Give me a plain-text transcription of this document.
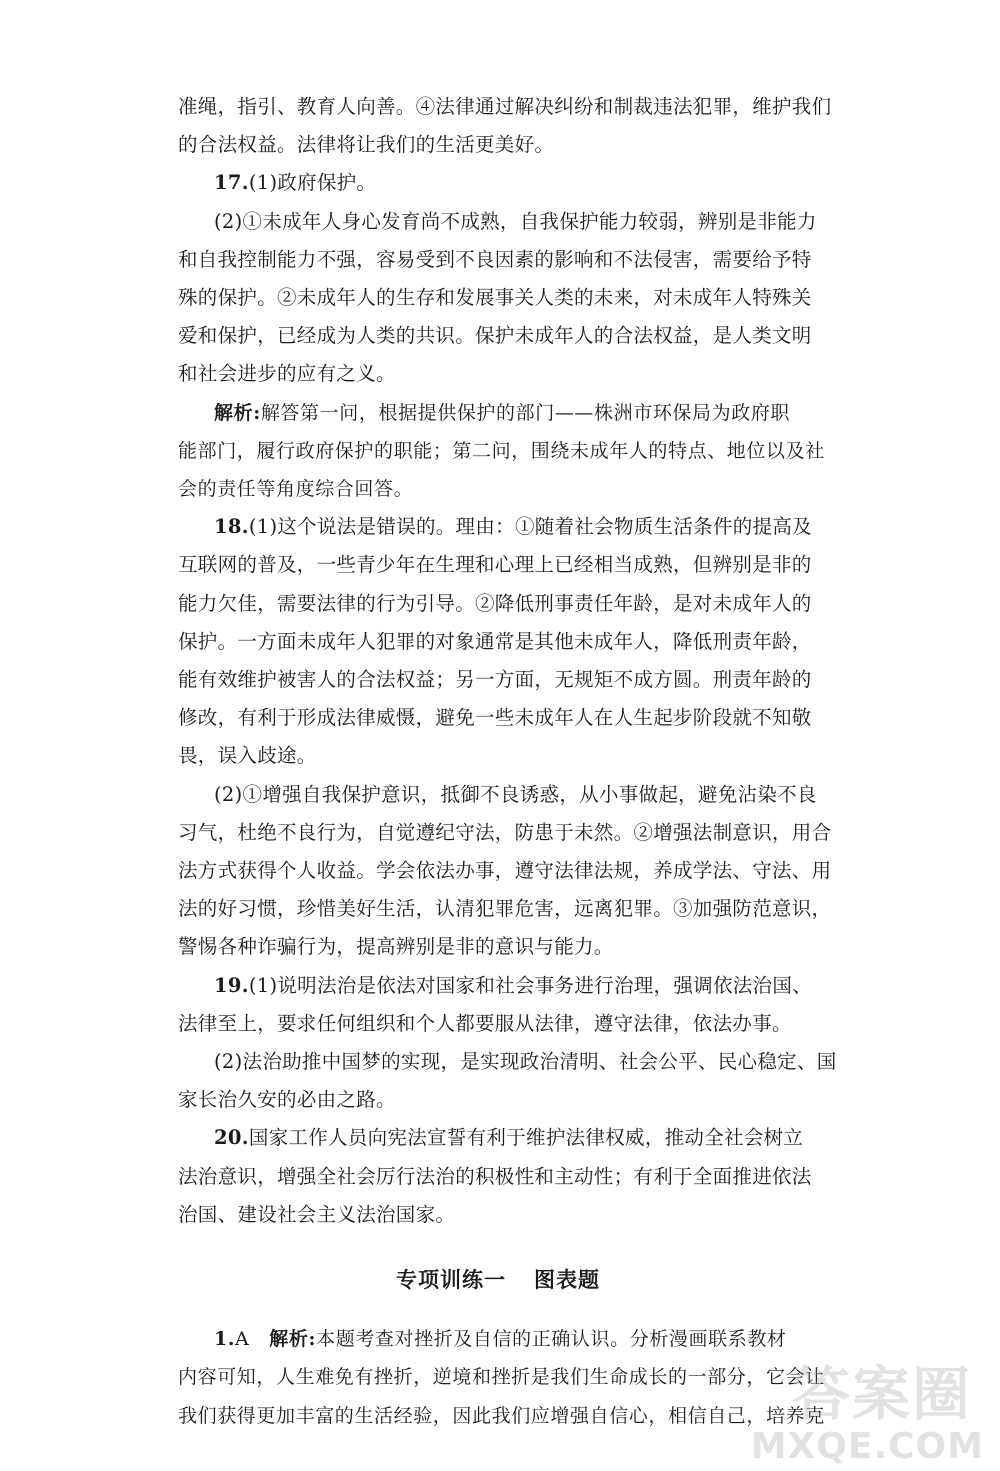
准绳，指引、教育人向善。④法律通过解决纠纷和制裁违法犯罪，维护我们
的合法权益。法律将让我们的生活更美好。

17.(1)政府保护。

(2)①未成年人身心发育尚不成熟，自我保护能力较弱，辨别是非能力
和自我控制能力不强，容易受到不良因素的影响和不法侵害，需要给予特
殊的保护。②未成年人的生存和发展事关人类的未来，对未成年人特殊关
爱和保护，已经成为人类的共识。保护未成年人的合法权益，是人类文明
和社会进步的应有之义。

解析:解答第一问，根据提供保护的部门——株洲市环保局为政府职
能部门，履行政府保护的职能；第二问，围绕未成年人的特点、地位以及社
会的责任等角度综合回答。

18.(1)这个说法是错误的。理由：①随着社会物质生活条件的提高及
互联网的普及，一些青少年在生理和心理上已经相当成熟，但辨别是非的
能力欠佳，需要法律的行为引导。②降低刑事责任年龄，是对未成年人的
保护。一方面未成年人犯罪的对象通常是其他未成年人，降低刑责年龄，
能有效维护被害人的合法权益；另一方面，无规矩不成方圆。刑责年龄的
修改，有利于形成法律威慑，避免一些未成年人在人生起步阶段就不知敬
畏，误入歧途。

(2)①增强自我保护意识，抵御不良诱惑，从小事做起，避免沾染不良
习气，杜绝不良行为，自觉遵纪守法，防患于未然。②增强法制意识，用合
法方式获得个人收益。学会依法办事，遵守法律法规，养成学法、守法、用
法的好习惯，珍惜美好生活，认清犯罪危害，远离犯罪。③加强防范意识，
警惕各种诈骗行为，提高辨别是非的意识与能力。

19.(1)说明法治是依法对国家和社会事务进行治理，强调依法治国、
法律至上，要求任何组织和个人都要服从法律，遵守法律，依法办事。

(2)法治助推中国梦的实现，是实现政治清明、社会公平、民心稳定、国
家长治久安的必由之路。

20.国家工作人员向宪法宣誓有利于维护法律权威，推动全社会树立
法治意识，增强全社会厉行法治的积极性和主动性；有利于全面推进依法
治国、建设社会主义法治国家。

专项训练一 图表题

1.A 解析:本题考查对挫折及自信的正确认识。分析漫画联系教材
内容可知，人生难免有挫折，逆境和挫折是我们生命成长的一部分，它会让
我们获得更加丰富的生活经验，因此我们应增强自信心，相信自己，培养克

答案圈
MXQE.COM
